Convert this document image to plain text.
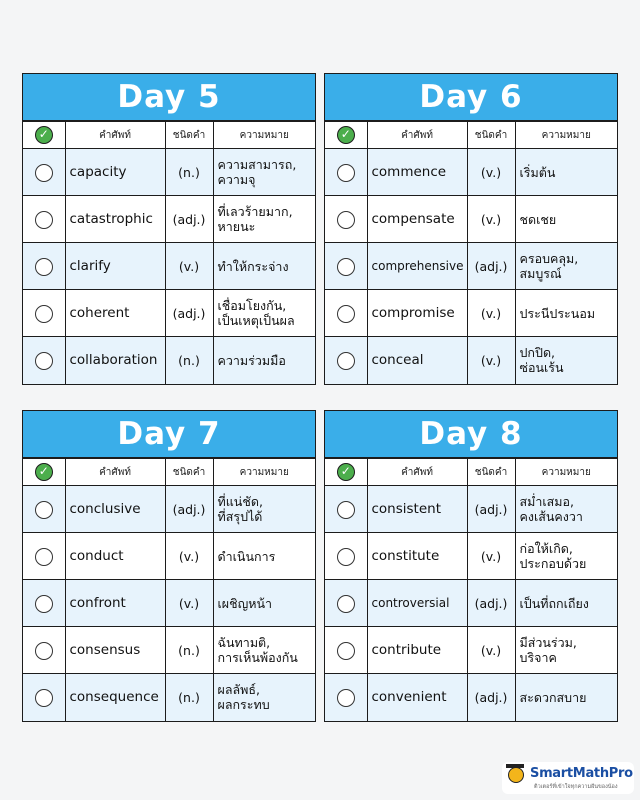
Day 5
✓	คำศัพท์	ชนิดคำ	ความหมาย
	capacity	(n.)	ความสามารถ,
ความจุ

	catastrophic	(adj.)	ที่เลวร้ายมาก,
หายนะ

	clarify	(v.)	ทำให้กระจ่าง

	coherent	(adj.)	เชื่อมโยงกัน,
เป็นเหตุเป็นผล

	collaboration	(n.)	ความร่วมมือ
Day 6
✓	คำศัพท์	ชนิดคำ	ความหมาย
	commence	(v.)	เริ่มต้น

	compensate	(v.)	ชดเชย

	comprehensive	(adj.)	ครอบคลุม,
สมบูรณ์

	compromise	(v.)	ประนีประนอม

	conceal	(v.)	ปกปิด,
ซ่อนเร้น
Day 7
✓	คำศัพท์	ชนิดคำ	ความหมาย
	conclusive	(adj.)	ที่แน่ชัด,
ที่สรุปได้

	conduct	(v.)	ดำเนินการ

	confront	(v.)	เผชิญหน้า

	consensus	(n.)	ฉันทามติ,
การเห็นพ้องกัน

	consequence	(n.)	ผลลัพธ์,
ผลกระทบ
Day 8
✓	คำศัพท์	ชนิดคำ	ความหมาย
	consistent	(adj.)	สม่ำเสมอ,
คงเส้นคงวา

	constitute	(v.)	ก่อให้เกิด,
ประกอบด้วย

	controversial	(adj.)	เป็นที่ถกเถียง

	contribute	(v.)	มีส่วนร่วม,
บริจาค

	convenient	(adj.)	สะดวกสบาย
SmartMathPro
ติวเตอร์ที่เข้าใจทุกความฝันของน้อง
